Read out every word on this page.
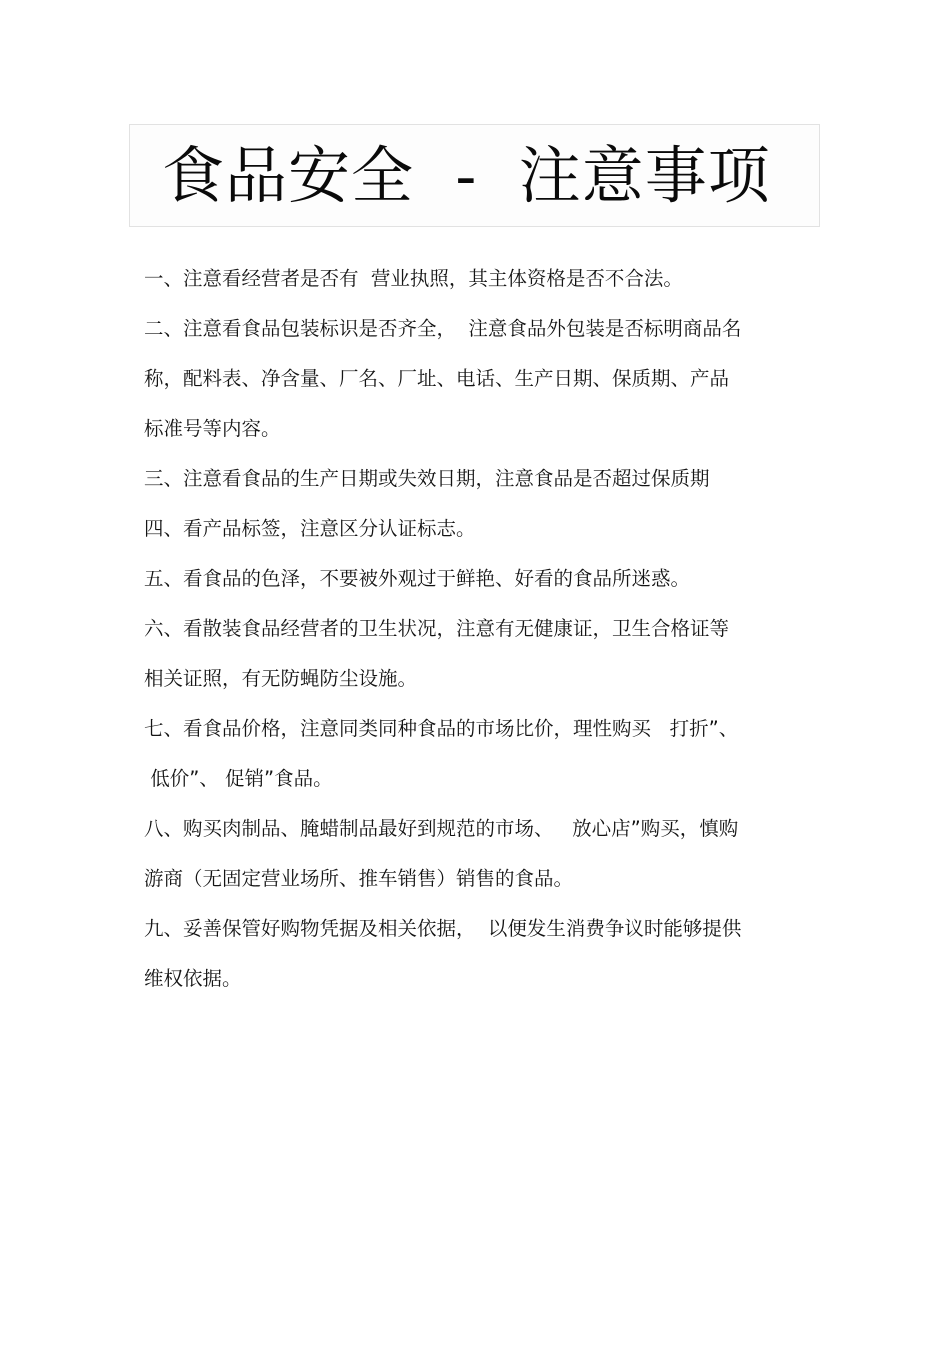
食品安全  -  注意事项
一、注意看经营者是否有  营业执照，其主体资格是否不合法。
二、注意看食品包装标识是否齐全，  注意食品外包装是否标明商品名
称，配料表、净含量、厂名、厂址、电话、生产日期、保质期、产品
标准号等内容。
三、注意看食品的生产日期或失效日期，注意食品是否超过保质期
四、看产品标签，注意区分认证标志。
五、看食品的色泽，不要被外观过于鲜艳、好看的食品所迷惑。
六、看散装食品经营者的卫生状况，注意有无健康证，卫生合格证等
相关证照，有无防蝇防尘设施。
七、看食品价格，注意同类同种食品的市场比价，理性购买   打折”、
低价”、 促销”食品。
八、购买肉制品、腌蜡制品最好到规范的市场、   放心店”购买，慎购
游商（无固定营业场所、推车销售）销售的食品。
九、妥善保管好购物凭据及相关依据，  以便发生消费争议时能够提供
维权依据。
